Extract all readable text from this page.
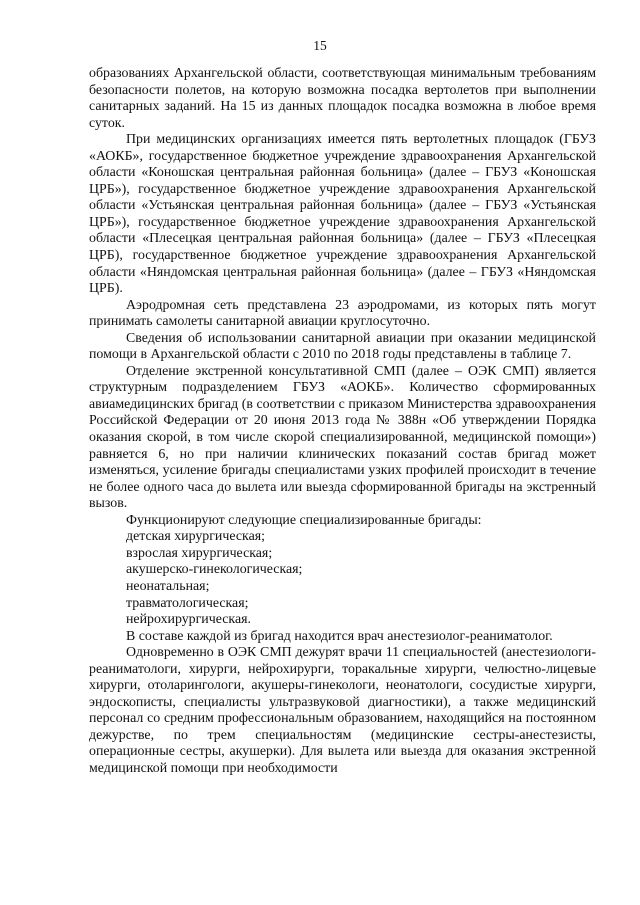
15

образованиях Архангельской области, соответствующая минимальным требованиям безопасности полетов, на которую возможна посадка вертолетов при выполнении санитарных заданий. На 15 из данных площадок посадка возможна в любое время суток.

При медицинских организациях имеется пять вертолетных площадок (ГБУЗ «АОКБ», государственное бюджетное учреждение здравоохранения Архангельской области «Коношская центральная районная больница» (далее – ГБУЗ «Коношская ЦРБ»), государственное бюджетное учреждение здравоохранения Архангельской области «Устьянская центральная районная больница» (далее – ГБУЗ «Устьянская ЦРБ»), государственное бюджетное учреждение здравоохранения Архангельской области «Плесецкая центральная районная больница» (далее – ГБУЗ «Плесецкая ЦРБ), государственное бюджетное учреждение здравоохранения Архангельской области «Няндомская центральная районная больница» (далее – ГБУЗ «Няндомская ЦРБ).

Аэродромная сеть представлена 23 аэродромами, из которых пять могут принимать самолеты санитарной авиации круглосуточно.

Сведения об использовании санитарной авиации при оказании медицинской помощи в Архангельской области с 2010 по 2018 годы представлены в таблице 7.

Отделение экстренной консультативной СМП (далее – ОЭК СМП) является структурным подразделением ГБУЗ «АОКБ». Количество сформированных авиамедицинских бригад (в соответствии с приказом Министерства здравоохранения Российской Федерации от 20 июня 2013 года № 388н «Об утверждении Порядка оказания скорой, в том числе скорой специализированной, медицинской помощи») равняется 6, но при наличии клинических показаний состав бригад может изменяться, усиление бригады специалистами узких профилей происходит в течение не более одного часа до вылета или выезда сформированной бригады на экстренный вызов.

Функционируют следующие специализированные бригады:

детская хирургическая;

взрослая хирургическая;

акушерско-гинекологическая;

неонатальная;

травматологическая;

нейрохирургическая.

В составе каждой из бригад находится врач анестезиолог-реаниматолог.

Одновременно в ОЭК СМП дежурят врачи 11 специальностей (анестезиологи-реаниматологи, хирурги, нейрохирурги, торакальные хирурги, челюстно-лицевые хирурги, отоларингологи, акушеры-гинекологи, неонатологи, сосудистые хирурги, эндоскописты, специалисты ультразвуковой диагностики), а также медицинский персонал со средним профессиональным образованием, находящийся на постоянном дежурстве, по трем специальностям (медицинские сестры-анестезисты, операционные сестры, акушерки). Для вылета или выезда для оказания экстренной медицинской помощи при необходимости
